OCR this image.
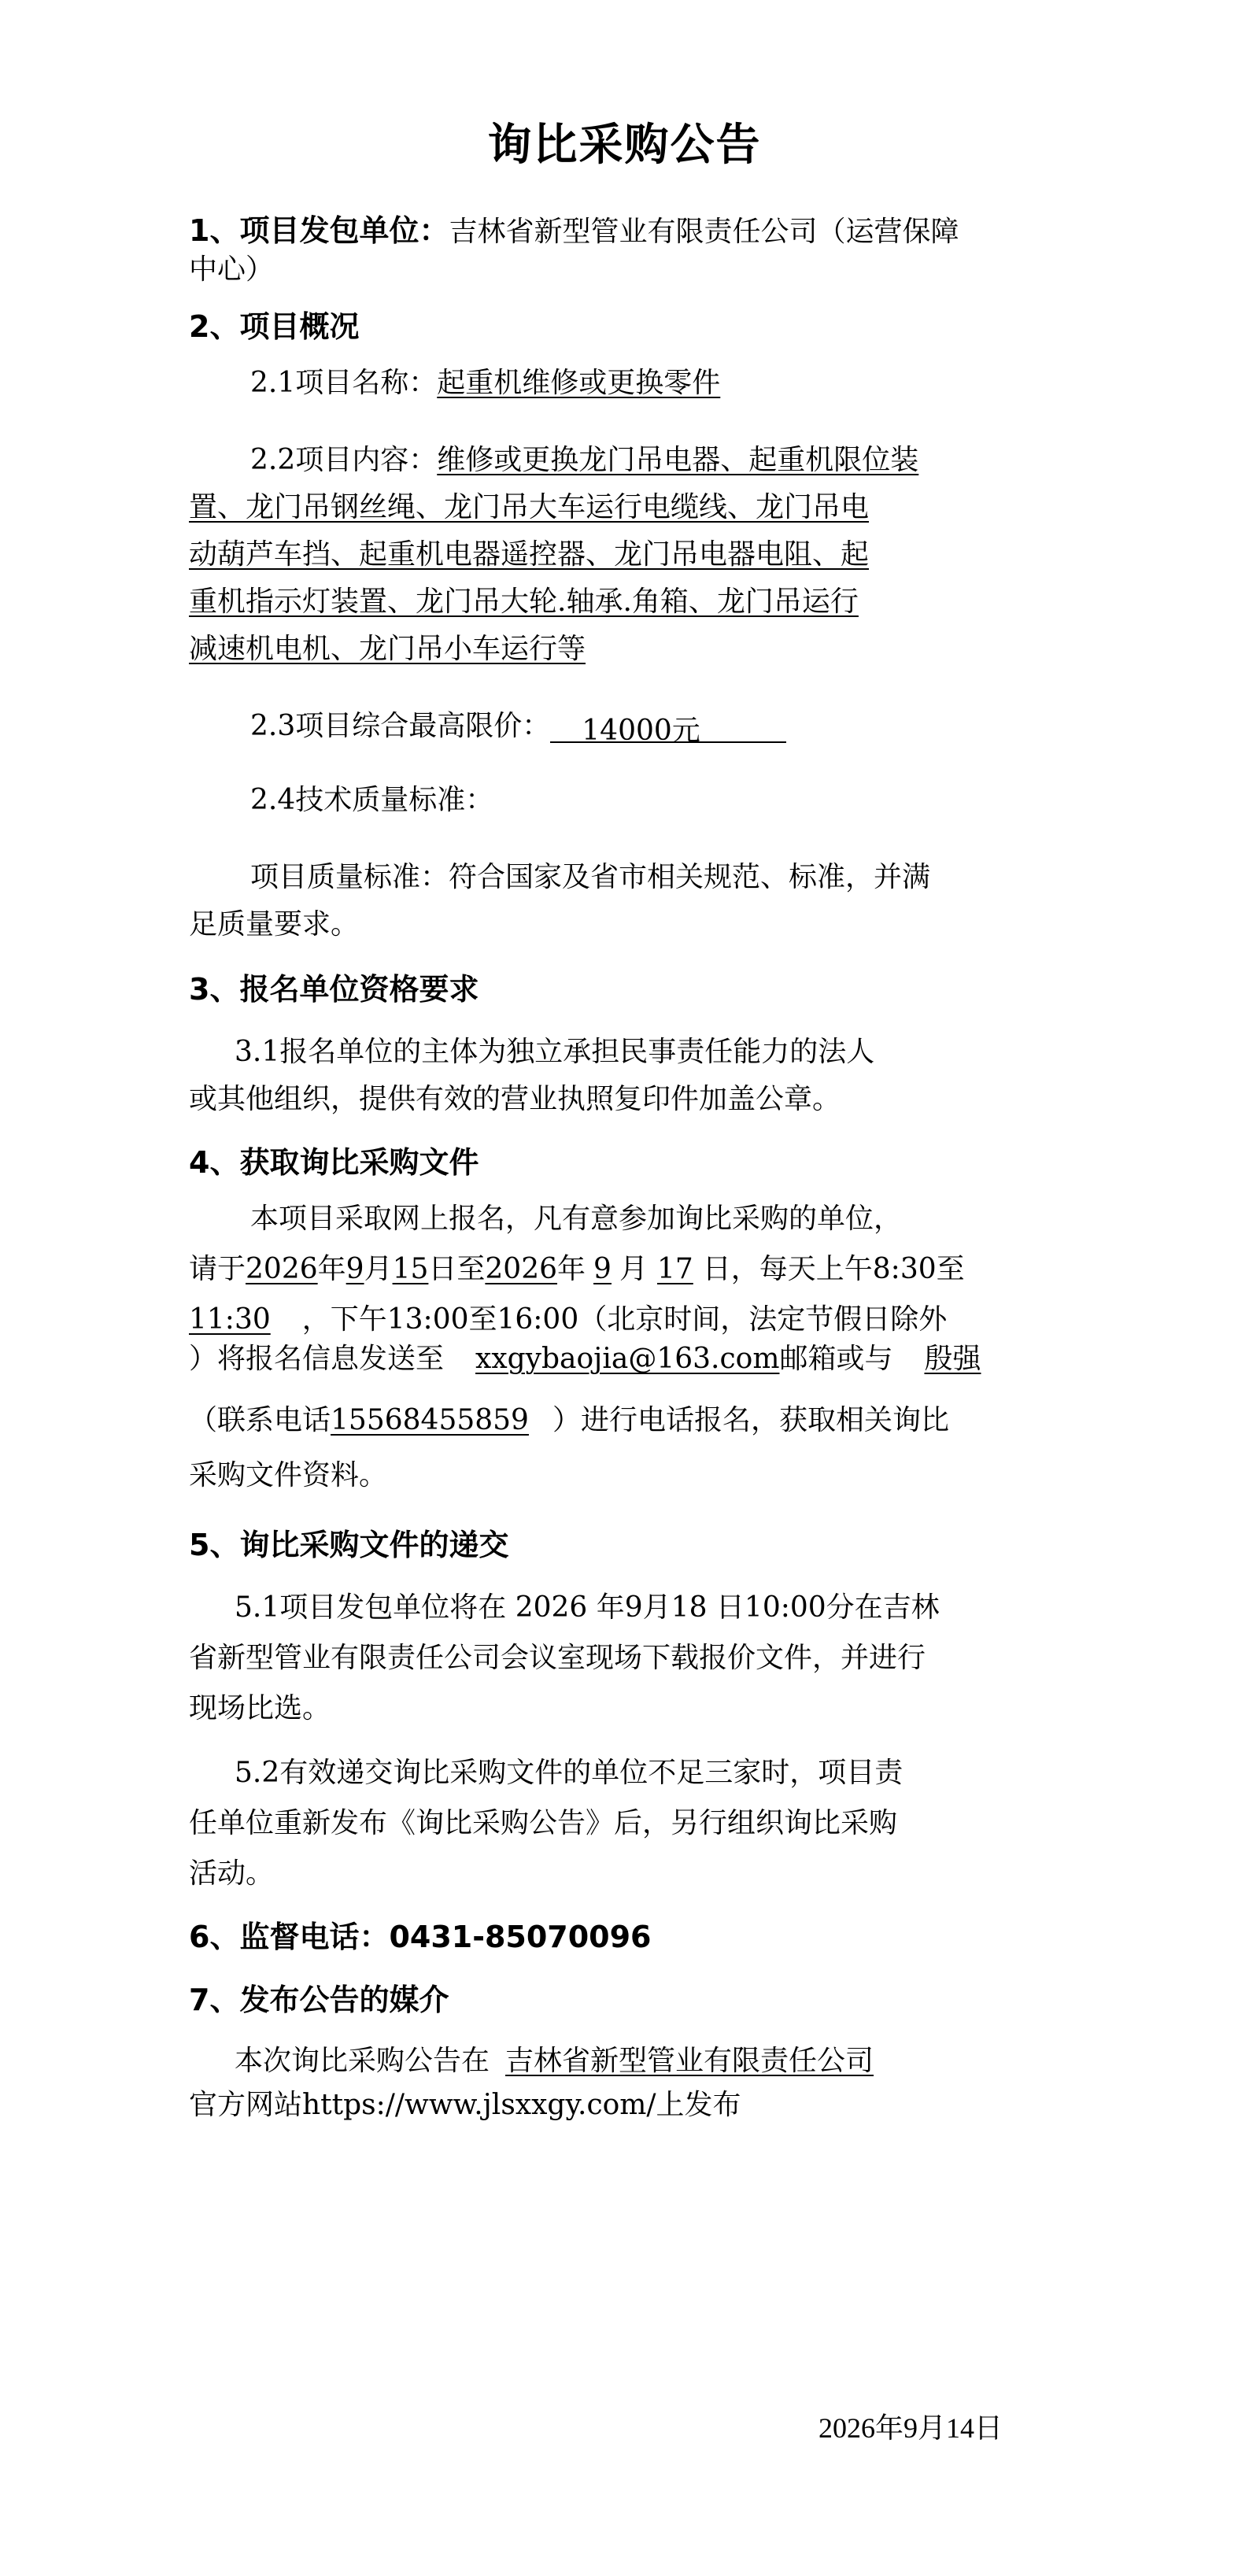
询比采购公告
1、项目发包单位：吉林省新型管业有限责任公司（运营保障
中心）
2、项目概况
2.1项目名称：起重机维修或更换零件
2.2项目内容：维修或更换龙门吊电器、起重机限位装
置、龙门吊钢丝绳、龙门吊大车运行电缆线、龙门吊电
动葫芦车挡、起重机电器遥控器、龙门吊电器电阻、起
重机指示灯装置、龙门吊大轮.轴承.角箱、龙门吊运行
减速机电机、龙门吊小车运行等
2.3项目综合最高限价： 14000元
2.4技术质量标准：
项目质量标准：符合国家及省市相关规范、标准，并满
足质量要求。
3、报名单位资格要求
3.1报名单位的主体为独立承担民事责任能力的法人
或其他组织，提供有效的营业执照复印件加盖公章。
4、获取询比采购文件
本项目采取网上报名，凡有意参加询比采购的单位，
请于2026年9月15日至2026年 9 月 17 日，每天上午8:30至
11:30 ，下午13:00至16:00（北京时间，法定节假日除外
）将报名信息发送至 xxgybaojia@163.com邮箱或与 殷强
（联系电话15568455859 ）进行电话报名，获取相关询比
采购文件资料。
5、询比采购文件的递交
5.1项目发包单位将在 2026 年9月18 日10:00分在吉林
省新型管业有限责任公司会议室现场下载报价文件，并进行
现场比选。
5.2有效递交询比采购文件的单位不足三家时，项目责
任单位重新发布《询比采购公告》后，另行组织询比采购
活动。
6、监督电话：0431-85070096
7、发布公告的媒介
本次询比采购公告在 吉林省新型管业有限责任公司
官方网站https://www.jlsxxgy.com/上发布
2026年9月14日
